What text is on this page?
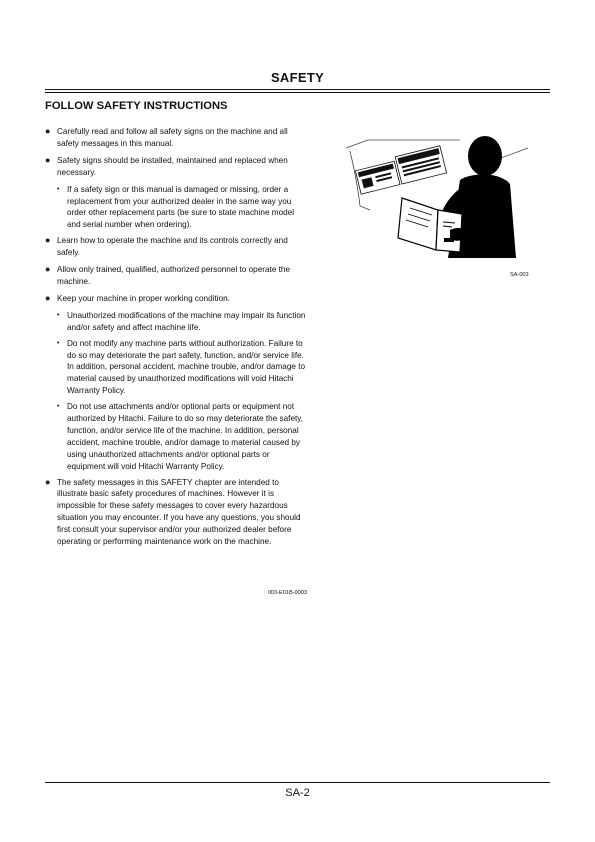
SAFETY
FOLLOW SAFETY INSTRUCTIONS
● Carefully read and follow all safety signs on the machine and all safety messages in this manual.
● Safety signs should be installed, maintained and replaced when necessary.
• If a safety sign or this manual is damaged or missing, order a replacement from your authorized dealer in the same way you order other replacement parts (be sure to state machine model and serial number when ordering).
● Learn how to operate the machine and its controls correctly and safely.
● Allow only trained, qualified, authorized personnel to operate the machine.
● Keep your machine in proper working condition.
• Unauthorized modifications of the machine may impair its function and/or safety and affect machine life.
• Do not modify any machine parts without authorization. Failure to do so may deteriorate the part safety, function, and/or service life. In addition, personal accident, machine trouble, and/or damage to material caused by unauthorized modifications will void Hitachi Warranty Policy.
• Do not use attachments and/or optional parts or equipment not authorized by Hitachi. Failure to do so may deteriorate the safety, function, and/or service life of the machine. In addition, personal accident, machine trouble, and/or damage to material caused by using unauthorized attachments and/or optional parts or equipment will void Hitachi Warranty Policy.
● The safety messages in this SAFETY chapter are intended to illustrate basic safety procedures of machines. However it is impossible for these safety messages to cover every hazardous situation you may encounter. If you have any questions, you should first consult your supervisor and/or your authorized dealer before operating or performing maintenance work on the machine.
003-E01B-0003
SA-003
SA-2
